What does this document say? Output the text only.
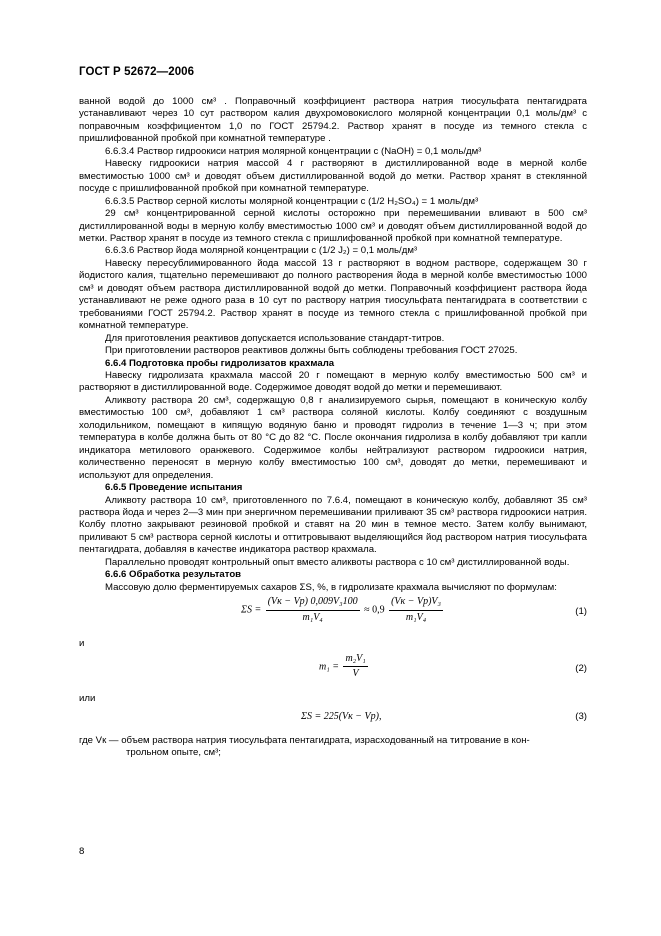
ГОСТ Р 52672—2006

ванной водой до 1000 см³ . Поправочный коэффициент раствора натрия тиосульфата пентагидрата устанавливают через 10 сут раствором калия двухромовокислого молярной концентрации 0,1 моль/дм³ с поправочным коэффициентом 1,0 по ГОСТ 25794.2. Раствор хранят в посуде из темного стекла с пришлифованной пробкой при комнатной температуре .

6.6.3.4 Раствор гидроокиси натрия молярной концентрации c (NaOH) = 0,1 моль/дм³

Навеску гидроокиси натрия массой 4 г растворяют в дистиллированной воде в мерной колбе вместимостью 1000 см³ и доводят объем дистиллированной водой до метки. Раствор хранят в стеклянной посуде с пришлифованной пробкой при комнатной температуре.

6.6.3.5 Раствор серной кислоты молярной концентрации c (1/2 H₂SO₄) = 1 моль/дм³

29 см³ концентрированной серной кислоты осторожно при перемешивании вливают в 500 см³ дистиллированной воды в мерную колбу вместимостью 1000 см³ и доводят объем дистиллированной водой до метки. Раствор хранят в посуде из темного стекла с пришлифованной пробкой при комнатной температуре.

6.6.3.6 Раствор йода молярной концентрации c (1/2 J₂) = 0,1 моль/дм³

Навеску пересублимированного йода массой 13 г растворяют в водном растворе, содержащем 30 г йодистого калия, тщательно перемешивают до полного растворения йода в мерной колбе вместимостью 1000 см³ и доводят объем раствора дистиллированной водой до метки. Поправочный коэффициент раствора йода устанавливают не реже одного раза в 10 сут по раствору натрия тиосульфата пентагидрата в соответствии с требованиями ГОСТ 25794.2. Раствор хранят в посуде из темного стекла с пришлифованной пробкой при комнатной температуре.

Для приготовления реактивов допускается использование стандарт-титров.

При приготовлении растворов реактивов должны быть соблюдены требования ГОСТ 27025.

6.6.4 Подготовка пробы гидролизатов крахмала

Навеску гидролизата крахмала массой 20 г помещают в мерную колбу вместимостью 500 см³ и растворяют в дистиллированной воде. Содержимое доводят водой до метки и перемешивают.

Аликвоту раствора 20 см³, содержащую 0,8 г анализируемого сырья, помещают в коническую колбу вместимостью 100 см³, добавляют 1 см³ раствора соляной кислоты. Колбу соединяют с воздушным холодильником, помещают в кипящую водяную баню и проводят гидролиз в течение 1—3 ч; при этом температура в колбе должна быть от 80 °С до 82 °С. После окончания гидролиза в колбу добавляют три капли индикатора метилового оранжевого. Содержимое колбы нейтрализуют раствором гидроокиси натрия, количественно переносят в мерную колбу вместимостью 100 см³, доводят до метки, перемешивают и используют для определения.

6.6.5 Проведение испытания

Аликвоту раствора 10 см³, приготовленного по 7.6.4, помещают в коническую колбу, добавляют 35 см³ раствора йода и через 2—3 мин при энергичном перемешивании приливают 35 см³ раствора гидроокиси натрия. Колбу плотно закрывают резиновой пробкой и ставят на 20 мин в темное место. Затем колбу вынимают, приливают 5 см³ раствора серной кислоты и оттитровывают выделяющийся йод раствором натрия тиосульфата пентагидрата, добавляя в качестве индикатора раствор крахмала.

Параллельно проводят контрольный опыт вместо аликвоты раствора с 10 см³ дистиллированной воды.

6.6.6 Обработка результатов

Массовую долю ферментируемых сахаров ΣS, %, в гидролизате крахмала вычисляют по формулам:

$\Sigma S = \frac{\text{(Vк − Vр) 0,009V₃100}}{\text{m₁V₄}} \approx 0,9 \frac{\text{(Vк − Vр)V₃}}{\text{m₁V₄}}$	(1)

и

$m_1 = \frac{\text{m₂V₁}}{V}$	(2)

или

ΣS = 225(Vк − Vр),	(3)

где Vк — объем раствора натрия тиосульфата пентагидрата, израсходованный на титрование в кон-

трольном опыте, см³;

8
